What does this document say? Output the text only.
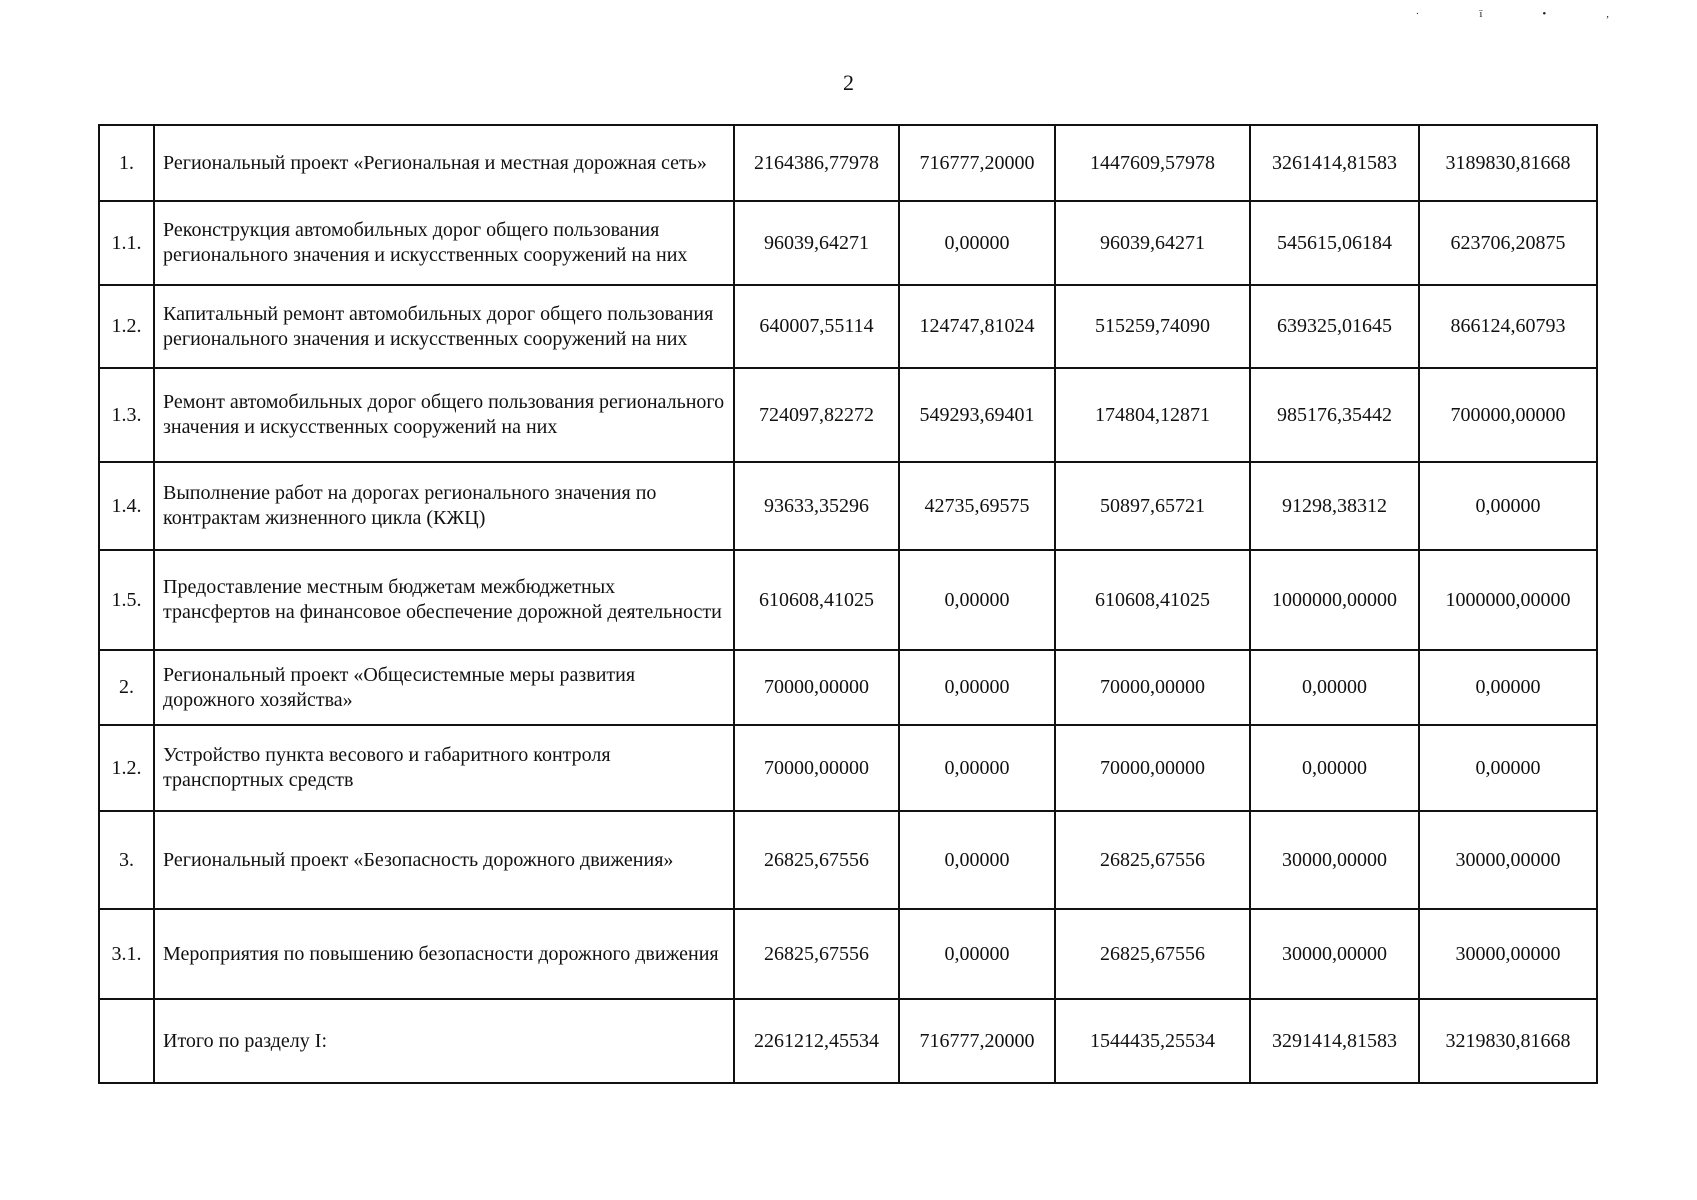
·ї•,
2
1.	Региональный проект «Региональная и местная дорожная сеть»	2164386,77978	716777,20000	1447609,57978	3261414,81583	3189830,81668
1.1.	Реконструкция автомобильных дорог общего пользования регионального значения и искусственных сооружений на них	96039,64271	0,00000	96039,64271	545615,06184	623706,20875
1.2.	Капитальный ремонт автомобильных дорог общего пользования регионального значения и искусственных сооружений на них	640007,55114	124747,81024	515259,74090	639325,01645	866124,60793
1.3.	Ремонт автомобильных дорог общего пользования регионального значения и искусственных сооружений на них	724097,82272	549293,69401	174804,12871	985176,35442	700000,00000
1.4.	Выполнение работ на дорогах регионального значения по контрактам жизненного цикла (КЖЦ)	93633,35296	42735,69575	50897,65721	91298,38312	0,00000
1.5.	Предоставление местным бюджетам межбюджетных трансфертов на финансовое обеспечение дорожной деятельности	610608,41025	0,00000	610608,41025	1000000,00000	1000000,00000
2.	Региональный проект «Общесистемные меры развития дорожного хозяйства»	70000,00000	0,00000	70000,00000	0,00000	0,00000
1.2.	Устройство пункта весового и габаритного контроля транспортных средств	70000,00000	0,00000	70000,00000	0,00000	0,00000
3.	Региональный проект «Безопасность дорожного движения»	26825,67556	0,00000	26825,67556	30000,00000	30000,00000
3.1.	Мероприятия по повышению безопасности дорожного движения	26825,67556	0,00000	26825,67556	30000,00000	30000,00000
	Итого по разделу I:	2261212,45534	716777,20000	1544435,25534	3291414,81583	3219830,81668
